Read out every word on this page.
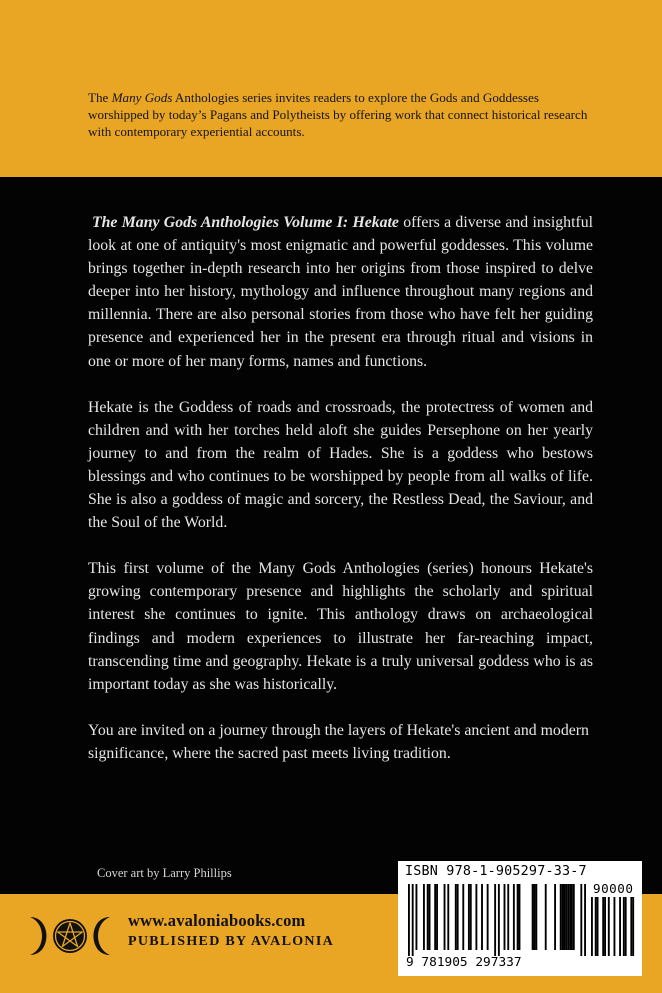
The Many Gods Anthologies series invites readers to explore the Gods and Goddesses worshipped by today’s Pagans and Polytheists by offering work that connect historical research with contemporary experiential accounts.

The Many Gods Anthologies Volume I: Hekate offers a diverse and insightful look at one of antiquity's most enigmatic and powerful goddesses. This volume brings together in-depth research into her origins from those inspired to delve deeper into her history, mythology and influence throughout many regions and millennia. There are also personal stories from those who have felt her guiding presence and experienced her in the present era through ritual and visions in one or more of her many forms, names and functions.

Hekate is the Goddess of roads and crossroads, the protectress of women and children and with her torches held aloft she guides Persephone on her yearly journey to and from the realm of Hades. She is a goddess who bestows blessings and who continues to be worshipped by people from all walks of life. She is also a goddess of magic and sorcery, the Restless Dead, the Saviour, and the Soul of the World.

This first volume of the Many Gods Anthologies (series) honours Hekate's growing contemporary presence and highlights the scholarly and spiritual interest she continues to ignite. This anthology draws on archaeological findings and modern experiences to illustrate her far-reaching impact, transcending time and geography. Hekate is a truly universal goddess who is as important today as she was historically.

You are invited on a journey through the layers of Hekate's ancient and modern significance, where the sacred past meets living tradition.

Cover art by Larry Phillips
www.avaloniabooks.com
PUBLISHED BY AVALONIA
ISBN 978-1-905297-33-7
90000
9 781905 297337
